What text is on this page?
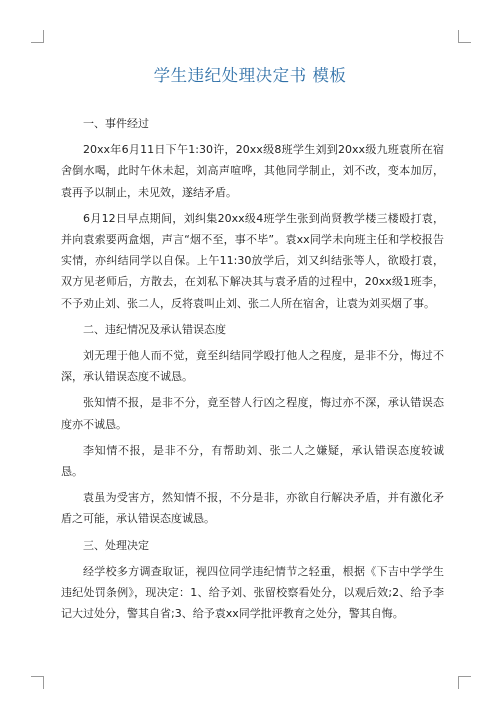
学生违纪处理决定书 模板
一、事件经过

20xx年6月11日下午1:30许，20xx级8班学生刘到20xx级九班袁所在宿舍倒水喝，此时午休未起，刘高声喧哗，其他同学制止，刘不改，变本加厉，袁再予以制止，未见效，遂结矛盾。

6月12日早点期间，刘纠集20xx级4班学生张到尚贤教学楼三楼殴打袁，并向袁索要两盒烟，声言“烟不至，事不毕”。袁xx同学未向班主任和学校报告实情，亦纠结同学以自保。上午11:30放学后，刘又纠结张等人，欲殴打袁，双方见老师后，方散去，在刘私下解决其与袁矛盾的过程中，20xx级1班李，不予劝止刘、张二人，反将袁叫止刘、张二人所在宿舍，让袁为刘买烟了事。

二、违纪情况及承认错误态度

刘无理于他人而不觉，竟至纠结同学殴打他人之程度，是非不分，悔过不深，承认错误态度不诚恳。

张知情不报，是非不分，竟至替人行凶之程度，悔过亦不深，承认错误态度亦不诚恳。

李知情不报，是非不分，有帮助刘、张二人之嫌疑，承认错误态度较诚恳。

袁虽为受害方，然知情不报，不分是非，亦欲自行解决矛盾，并有激化矛盾之可能，承认错误态度诚恳。

三、处理决定

经学校多方调查取证，视四位同学违纪情节之轻重，根据《下吉中学学生违纪处罚条例》，现决定：1、给予刘、张留校察看处分，以观后效;2、给予李记大过处分，警其自省;3、给予袁xx同学批评教育之处分，警其自悔。
